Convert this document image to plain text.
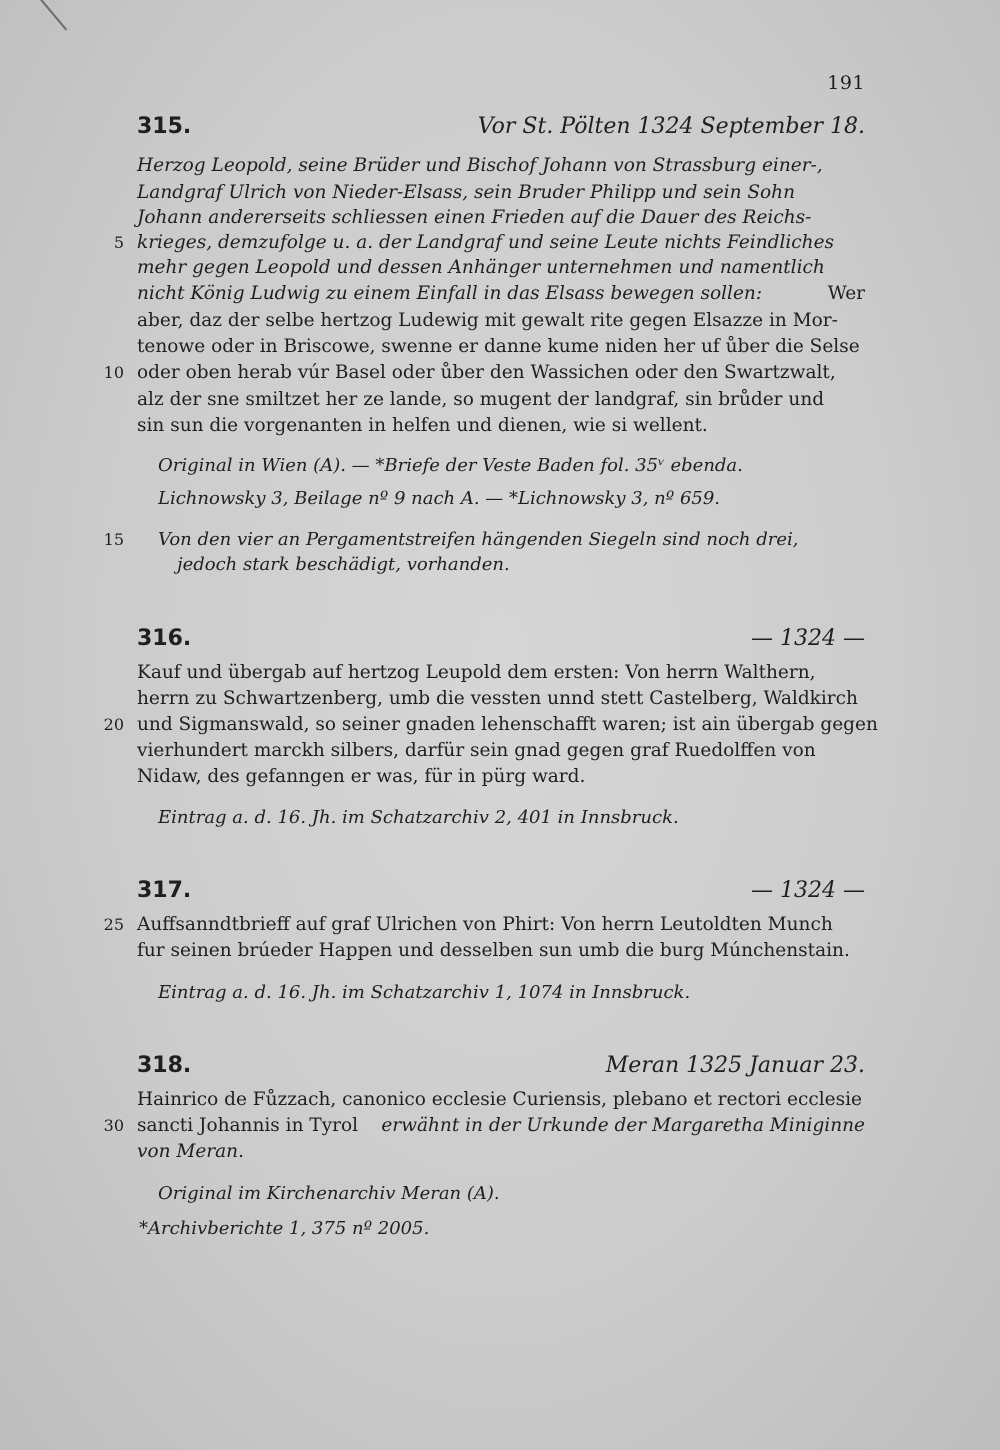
191
315.	Vor St. Pölten 1324 September 18.
Herzog Leopold, seine Brüder und Bischof Johann von Strassburg einer-,
Landgraf Ulrich von Nieder-Elsass, sein Bruder Philipp und sein Sohn
Johann andererseits schliessen einen Frieden auf die Dauer des Reichs-
krieges, demzufolge u. a. der Landgraf und seine Leute nichts Feindliches
mehr gegen Leopold und dessen Anhänger unternehmen und namentlich
nicht König Ludwig zu einem Einfall in das Elsass bewegen sollen:	Wer
aber, daz der selbe hertzog Ludewig mit gewalt rite gegen Elsazze in Mor-
tenowe oder in Briscowe, swenne er danne kume niden her uf ůber die Selse
oder oben herab vúr Basel oder ůber den Wassichen oder den Swartzwalt,
alz der sne smiltzet her ze lande, so mugent der landgraf, sin brůder und
sin sun die vorgenanten in helfen und dienen, wie si wellent.
Original in Wien (A). — *Briefe der Veste Baden fol. 35ᵛ ebenda.
Lichnowsky 3, Beilage nº 9 nach A. — *Lichnowsky 3, nº 659.
Von den vier an Pergamentstreifen hängenden Siegeln sind noch drei,
jedoch stark beschädigt, vorhanden.
316.	— 1324 —
Kauf und übergab auf hertzog Leupold dem ersten: Von herrn Walthern,
herrn zu Schwartzenberg, umb die vessten unnd stett Castelberg, Waldkirch
und Sigmanswald, so seiner gnaden lehenschafft waren; ist ain übergab gegen
vierhundert marckh silbers, darfür sein gnad gegen graf Ruedolffen von
Nidaw, des gefanngen er was, für in pürg ward.
Eintrag a. d. 16. Jh. im Schatzarchiv 2, 401 in Innsbruck.
317.	— 1324 —
Auffsanndtbrieff auf graf Ulrichen von Phirt: Von herrn Leutoldten Munch
fur seinen brúeder Happen und desselben sun umb die burg Múnchenstain.
Eintrag a. d. 16. Jh. im Schatzarchiv 1, 1074 in Innsbruck.
318.	Meran 1325 Januar 23.
Hainrico de Fůzzach, canonico ecclesie Curiensis, plebano et rectori ecclesie
sancti Johannis in Tyrol erwähnt in der Urkunde der Margaretha Miniginne
von Meran.
Original im Kirchenarchiv Meran (A).
*Archivberichte 1, 375 nº 2005.
5
10
15
20
25
30
